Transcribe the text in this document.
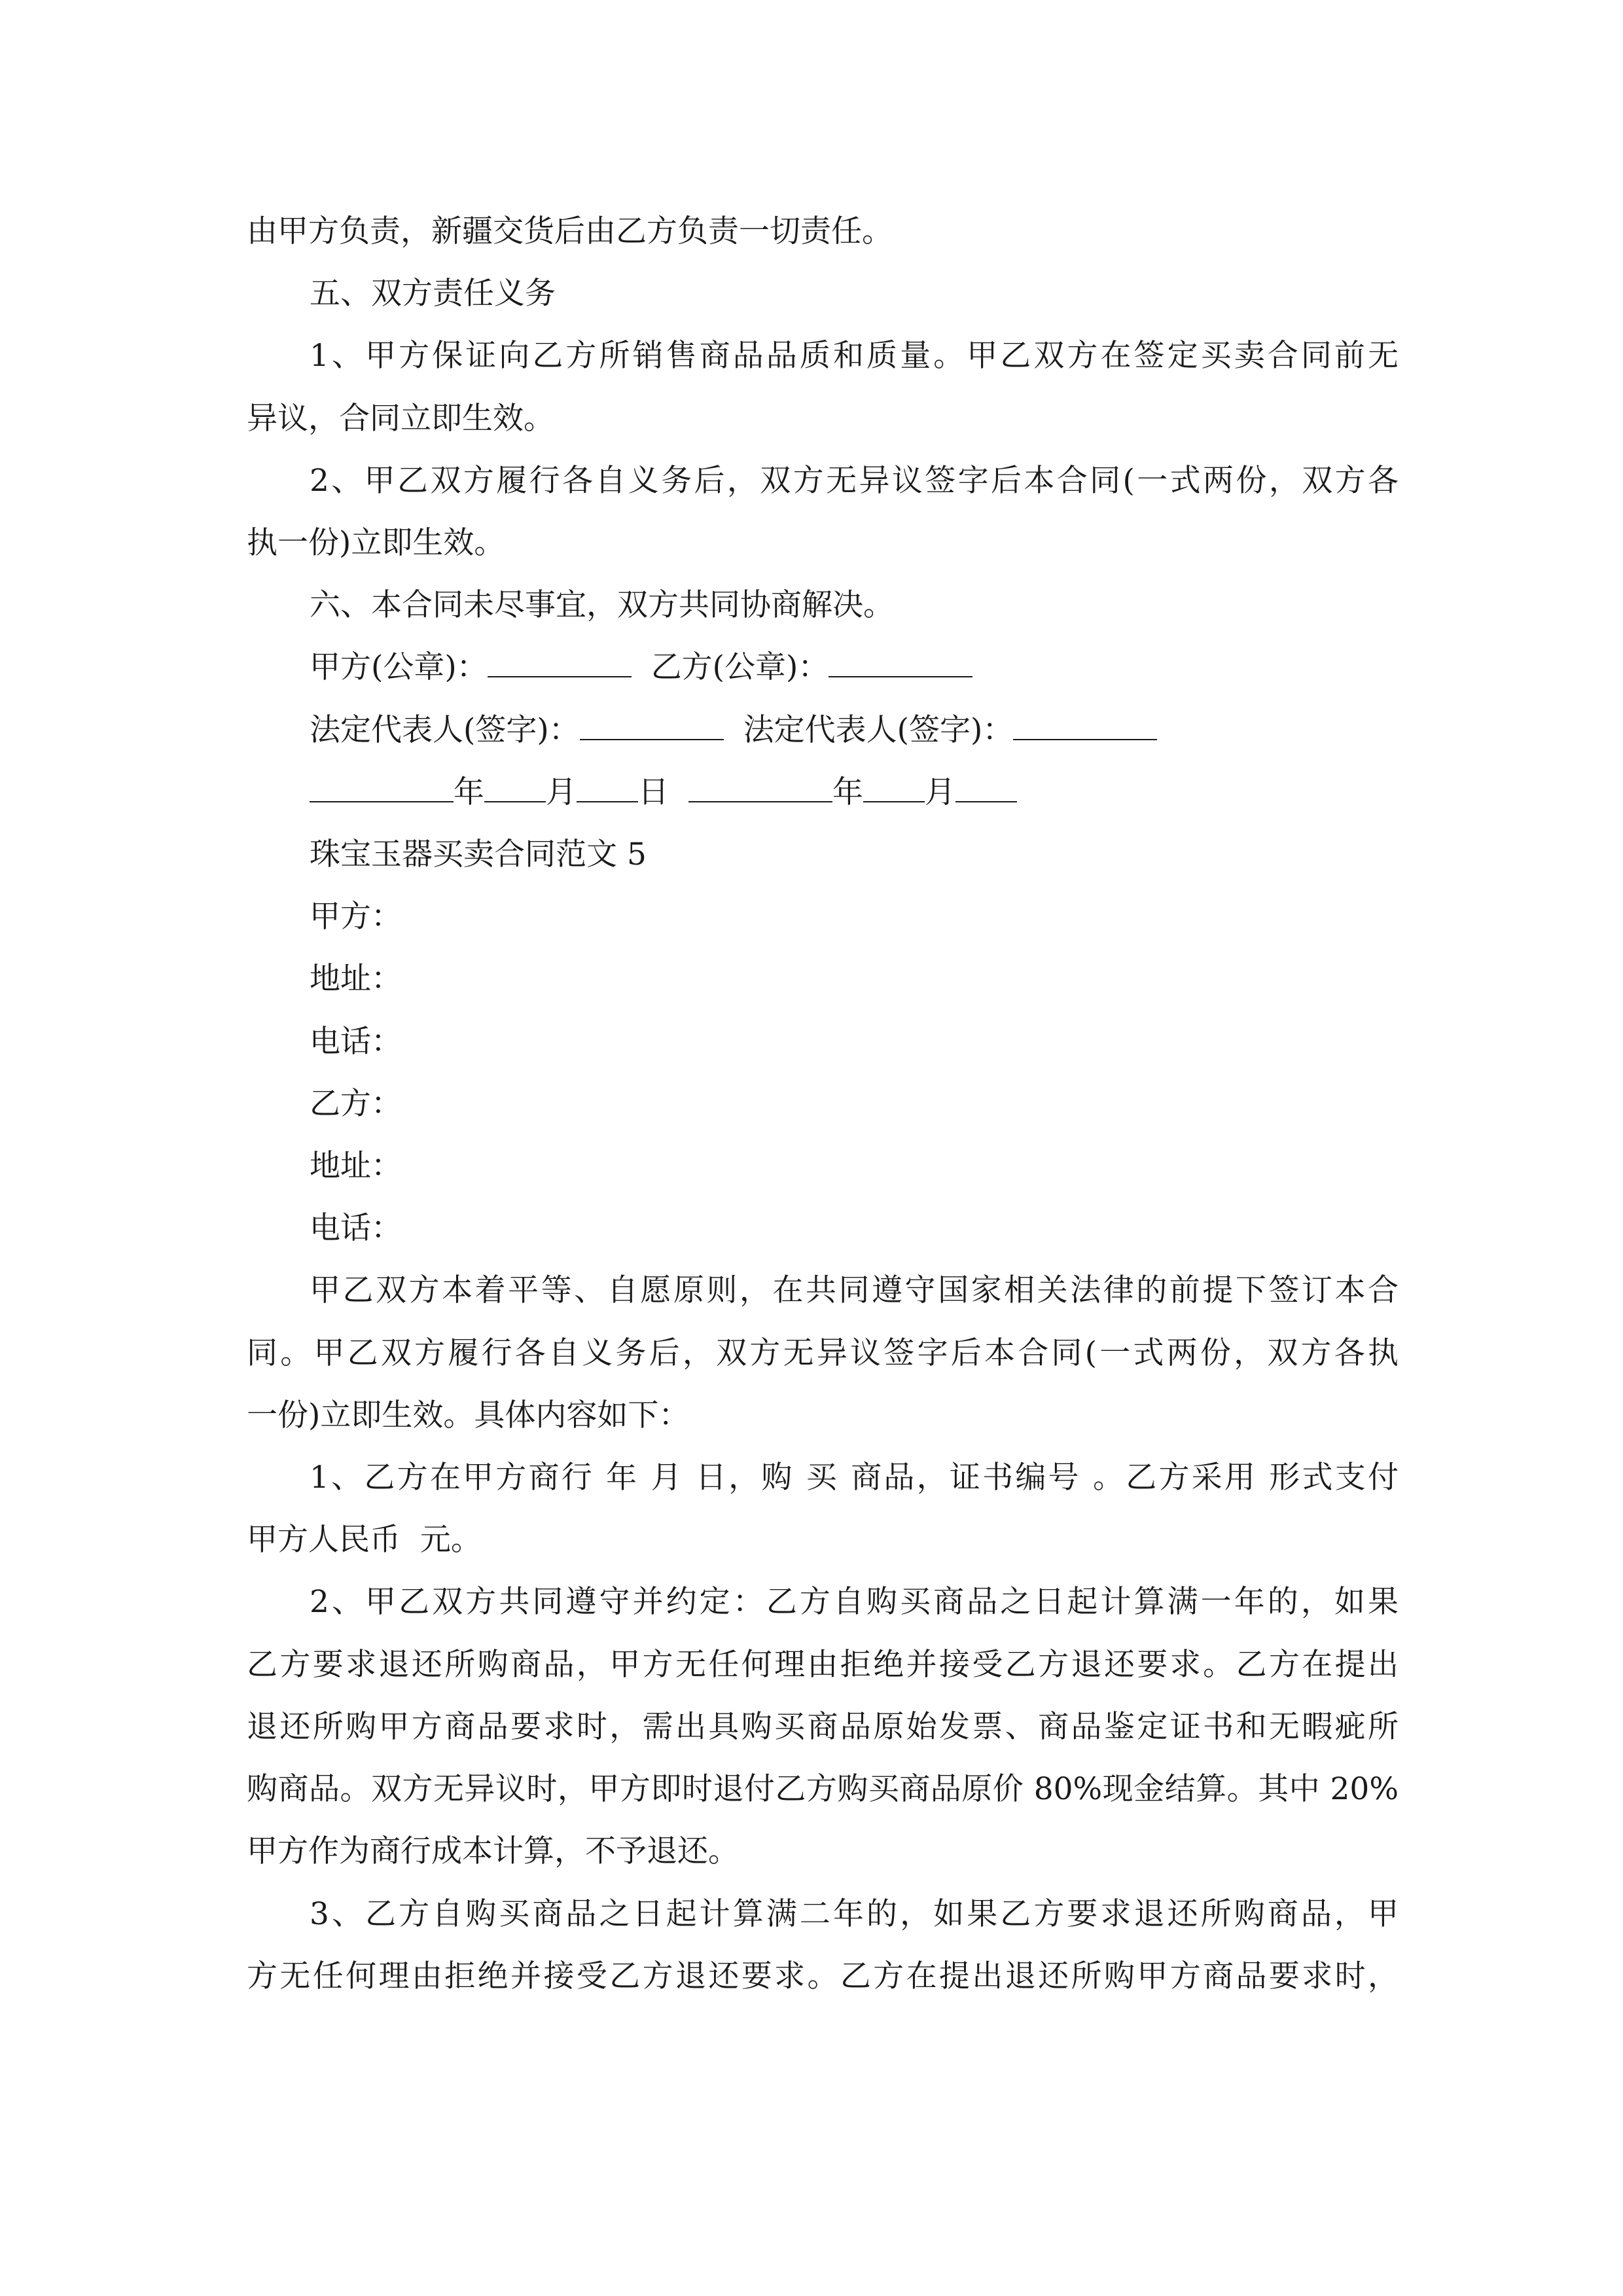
由甲方负责，新疆交货后由乙方负责一切责任。
五、双方责任义务
1、甲方保证向乙方所销售商品品质和质量。甲乙双方在签定买卖合同前无
异议，合同立即生效。
2、甲乙双方履行各自义务后，双方无异议签字后本合同(一式两份，双方各
执一份)立即生效。
六、本合同未尽事宜，双方共同协商解决。
甲方(公章)：	乙方(公章)：
法定代表人(签字)：	法定代表人(签字)：
年 月 日	年 月
珠宝玉器买卖合同范文 5
甲方：
地址：
电话：
乙方：
地址：
电话：
甲乙双方本着平等、自愿原则，在共同遵守国家相关法律的前提下签订本合
同。甲乙双方履行各自义务后，双方无异议签字后本合同(一式两份，双方各执
一份)立即生效。具体内容如下：
1、乙方在甲方商行 年 月 日，购 买 商品，证书编号 。乙方采用 形式支付
甲方人民币  元。
2、甲乙双方共同遵守并约定：乙方自购买商品之日起计算满一年的，如果
乙方要求退还所购商品，甲方无任何理由拒绝并接受乙方退还要求。乙方在提出
退还所购甲方商品要求时，需出具购买商品原始发票、商品鉴定证书和无暇疵所
购商品。双方无异议时，甲方即时退付乙方购买商品原价 80%现金结算。其中 20%
甲方作为商行成本计算，不予退还。
3、乙方自购买商品之日起计算满二年的，如果乙方要求退还所购商品，甲
方无任何理由拒绝并接受乙方退还要求。乙方在提出退还所购甲方商品要求时，
